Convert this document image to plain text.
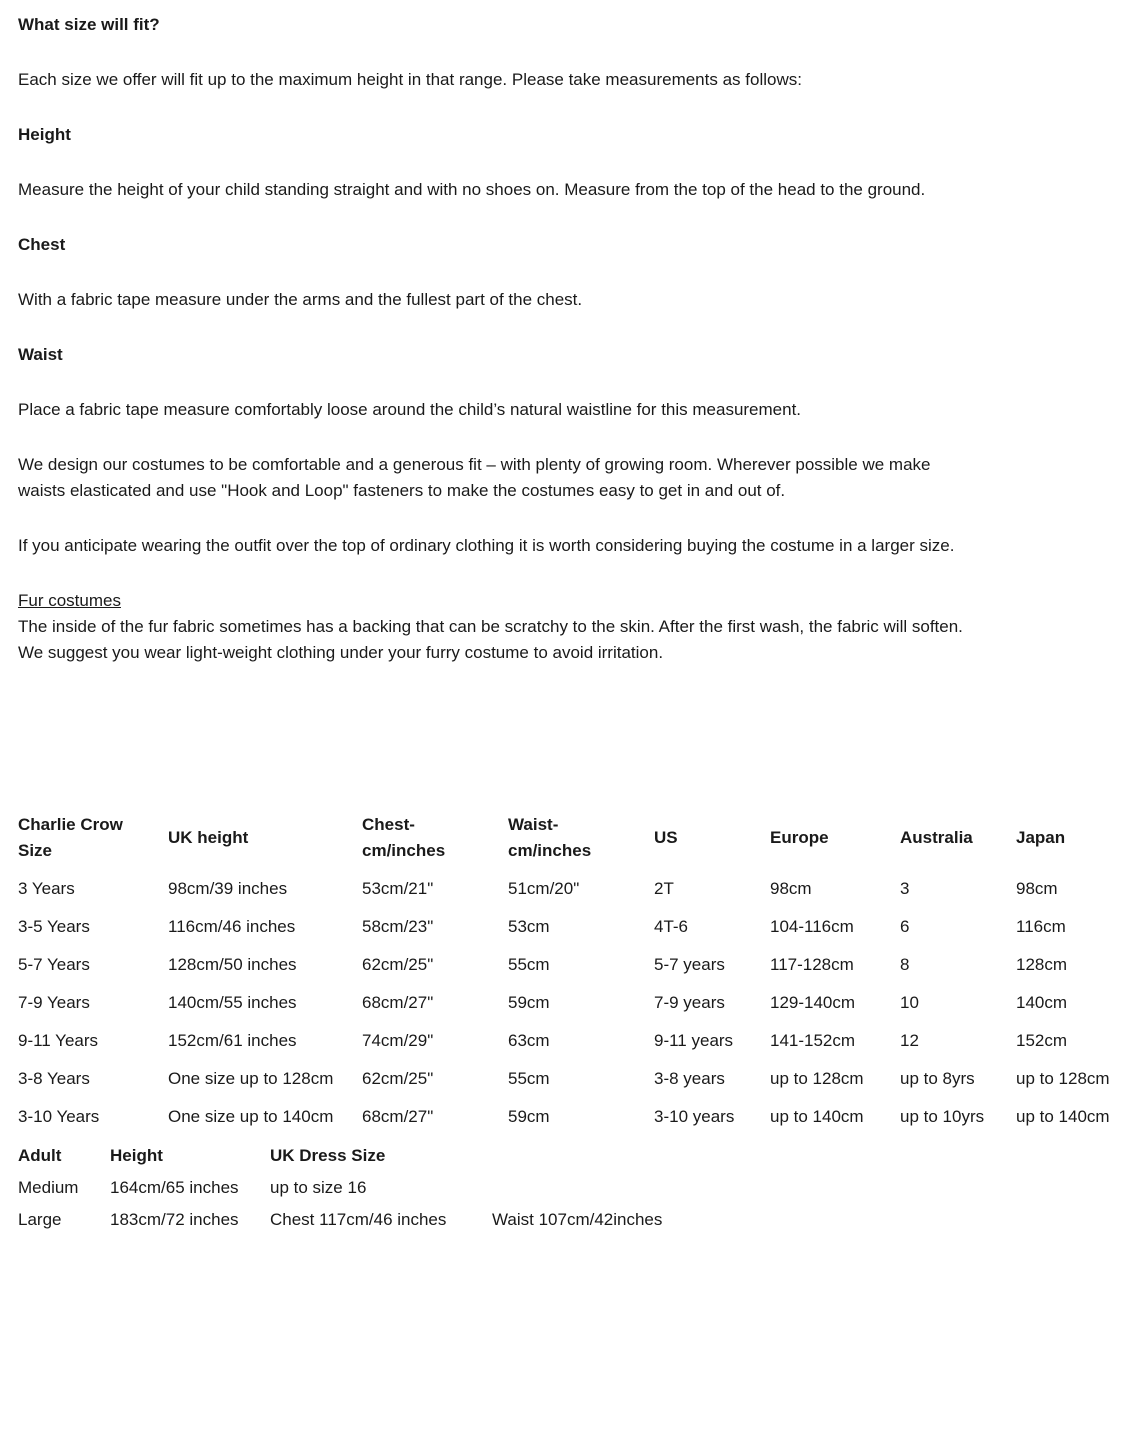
What size will fit?

Each size we offer will fit up to the maximum height in that range. Please take measurements as follows:

Height

Measure the height of your child standing straight and with no shoes on. Measure from the top of the head to the ground.

Chest

With a fabric tape measure under the arms and the fullest part of the chest.

Waist

Place a fabric tape measure comfortably loose around the child’s natural waistline for this measurement.

We design our costumes to be comfortable and a generous fit – with plenty of growing room. Wherever possible we make waists elasticated and use "Hook and Loop" fasteners to make the costumes easy to get in and out of.

If you anticipate wearing the outfit over the top of ordinary clothing it is worth considering buying the costume in a larger size.

Fur costumes

The inside of the fur fabric sometimes has a backing that can be scratchy to the skin. After the first wash, the fabric will soften. We suggest you wear light-weight clothing under your furry costume to avoid irritation.

Charlie Crow Size	UK height	Chest-cm/inches	Waist-cm/inches	US	Europe	Australia	Japan
3 Years	98cm/39 inches	53cm/21"	51cm/20"	2T	98cm	3	98cm
3-5 Years	116cm/46 inches	58cm/23"	53cm	4T-6	104-116cm	6	116cm
5-7 Years	128cm/50 inches	62cm/25"	55cm	5-7 years	117-128cm	8	128cm
7-9 Years	140cm/55 inches	68cm/27"	59cm	7-9 years	129-140cm	10	140cm
9-11 Years	152cm/61 inches	74cm/29"	63cm	9-11 years	141-152cm	12	152cm
3-8 Years	One size up to 128cm	62cm/25"	55cm	3-8 years	up to 128cm	up to 8yrs	up to 128cm
3-10 Years	One size up to 140cm	68cm/27"	59cm	3-10 years	up to 140cm	up to 10yrs	up to 140cm
Adult	Height	UK Dress Size	
Medium	164cm/65 inches	up to size 16	
Large	183cm/72 inches	Chest 117cm/46 inches	Waist 107cm/42inches
